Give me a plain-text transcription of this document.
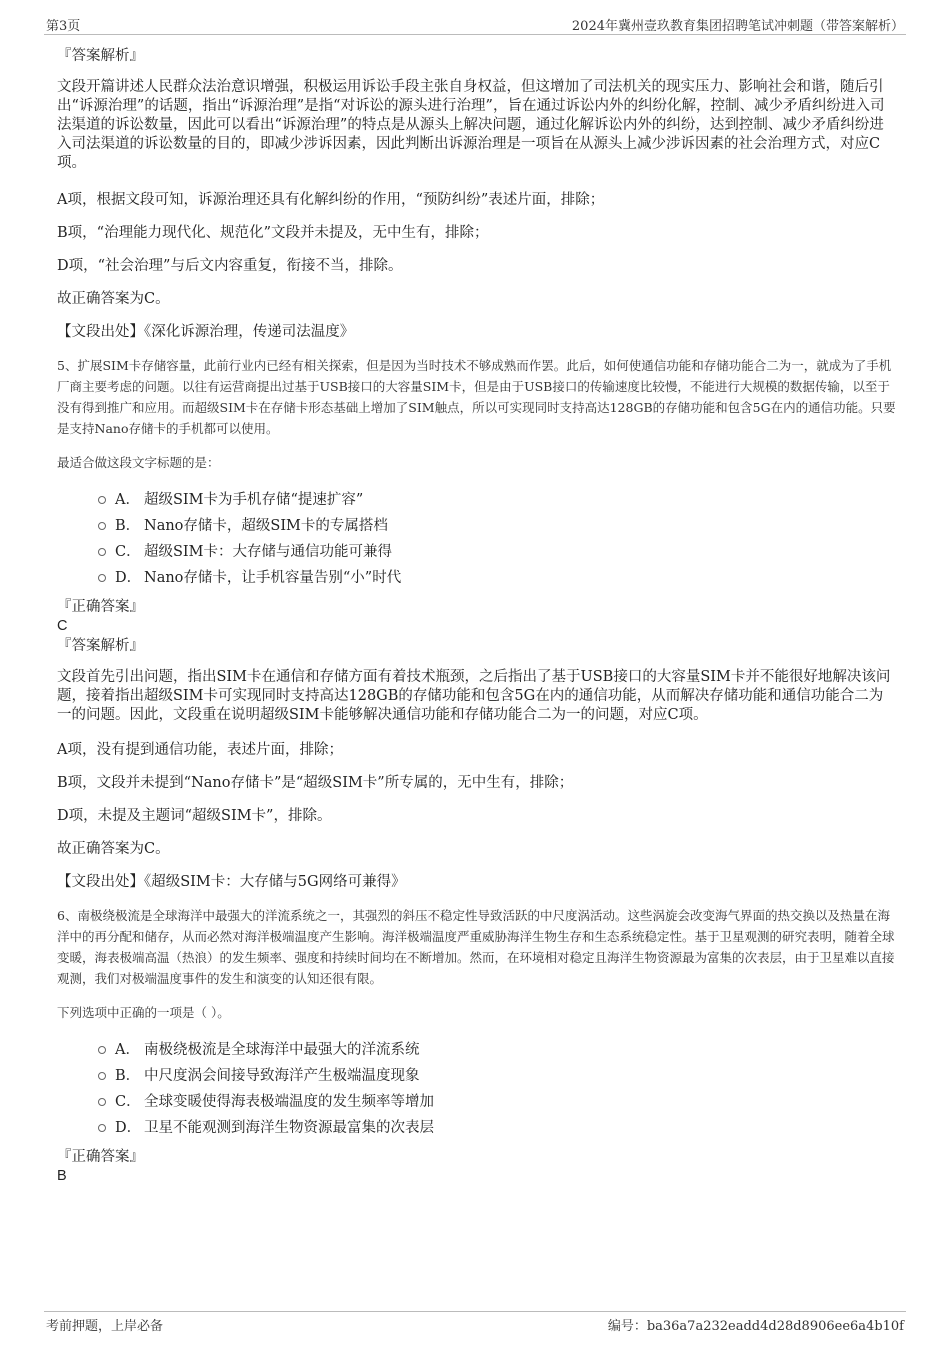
第3页	2024年冀州壹玖教育集团招聘笔试冲刺题（带答案解析）
『答案解析』
文段开篇讲述人民群众法治意识增强，积极运用诉讼手段主张自身权益，但这增加了司法机关的现实压力、影响社会和谐，随后引出“诉源治理”的话题，指出“诉源治理”是指“对诉讼的源头进行治理”，旨在通过诉讼内外的纠纷化解，控制、减少矛盾纠纷进入司法渠道的诉讼数量，因此可以看出“诉源治理”的特点是从源头上解决问题，通过化解诉讼内外的纠纷，达到控制、减少矛盾纠纷进入司法渠道的诉讼数量的目的，即减少涉诉因素，因此判断出诉源治理是一项旨在从源头上减少涉诉因素的社会治理方式，对应C项。
A项，根据文段可知，诉源治理还具有化解纠纷的作用，“预防纠纷”表述片面，排除；
B项，“治理能力现代化、规范化”文段并未提及，无中生有，排除；
D项，“社会治理”与后文内容重复，衔接不当，排除。
故正确答案为C。
【文段出处】《深化诉源治理，传递司法温度》
5、扩展SIM卡存储容量，此前行业内已经有相关探索，但是因为当时技术不够成熟而作罢。此后，如何使通信功能和存储功能合二为一，就成为了手机厂商主要考虑的问题。以往有运营商提出过基于USB接口的大容量SIM卡，但是由于USB接口的传输速度比较慢，不能进行大规模的数据传输，以至于没有得到推广和应用。而超级SIM卡在存储卡形态基础上增加了SIM触点，所以可实现同时支持高达128GB的存储功能和包含5G在内的通信功能。只要是支持Nano存储卡的手机都可以使用。
最适合做这段文字标题的是：
A． 超级SIM卡为手机存储“提速扩容”
B． Nano存储卡，超级SIM卡的专属搭档
C． 超级SIM卡：大存储与通信功能可兼得
D． Nano存储卡，让手机容量告别“小”时代
『正确答案』
C
『答案解析』
文段首先引出问题，指出SIM卡在通信和存储方面有着技术瓶颈，之后指出了基于USB接口的大容量SIM卡并不能很好地解决该问题，接着指出超级SIM卡可实现同时支持高达128GB的存储功能和包含5G在内的通信功能，从而解决存储功能和通信功能合二为一的问题。因此，文段重在说明超级SIM卡能够解决通信功能和存储功能合二为一的问题，对应C项。
A项，没有提到通信功能，表述片面，排除；
B项，文段并未提到“Nano存储卡”是“超级SIM卡”所专属的，无中生有，排除；
D项，未提及主题词“超级SIM卡”，排除。
故正确答案为C。
【文段出处】《超级SIM卡：大存储与5G网络可兼得》
6、南极绕极流是全球海洋中最强大的洋流系统之一，其强烈的斜压不稳定性导致活跃的中尺度涡活动。这些涡旋会改变海气界面的热交换以及热量在海洋中的再分配和储存，从而必然对海洋极端温度产生影响。海洋极端温度严重威胁海洋生物生存和生态系统稳定性。基于卫星观测的研究表明，随着全球变暖，海表极端高温（热浪）的发生频率、强度和持续时间均在不断增加。然而，在环境相对稳定且海洋生物资源最为富集的次表层，由于卫星难以直接观测，我们对极端温度事件的发生和演变的认知还很有限。
下列选项中正确的一项是（ ）。
A． 南极绕极流是全球海洋中最强大的洋流系统
B． 中尺度涡会间接导致海洋产生极端温度现象
C． 全球变暖使得海表极端温度的发生频率等增加
D． 卫星不能观测到海洋生物资源最富集的次表层
『正确答案』
B
考前押题，上岸必备	编号：ba36a7a232eadd4d28d8906ee6a4b10f
